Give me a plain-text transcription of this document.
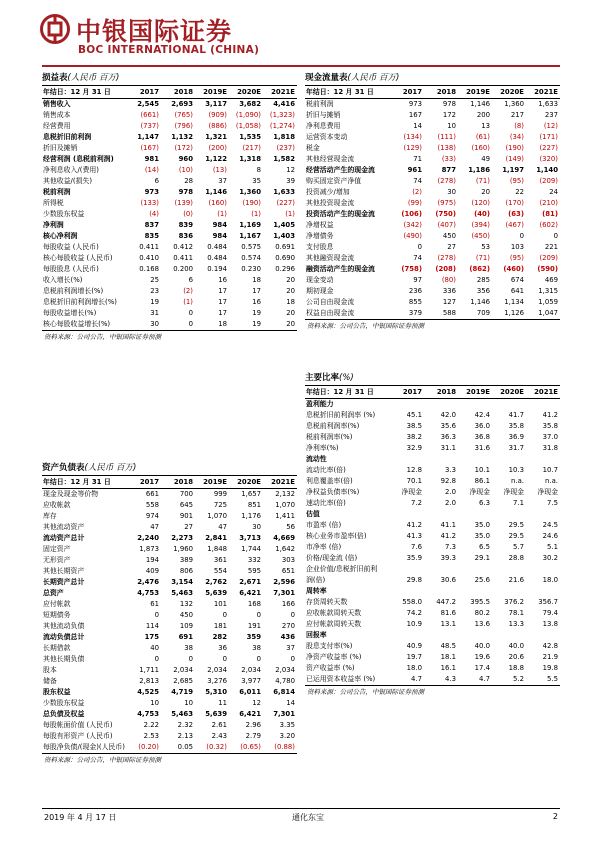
中银国际证券
BOC INTERNATIONAL (CHINA)
损益表(人民币 百万)
年结日：12 月 31 日	2017	2018	2019E	2020E	2021E
销售收入	2,545	2,693	3,117	3,682	4,416
销售成本	(661)	(765)	(909)	(1,090)	(1,323)
经营费用	(737)	(796)	(886)	(1,058)	(1,274)
息税折旧前利润	1,147	1,132	1,321	1,535	1,818
折旧及摊销	(167)	(172)	(200)	(217)	(237)
经营利润 (息税前利润)	981	960	1,122	1,318	1,582
净利息收入/(费用)	(14)	(10)	(13)	8	12
其他收益/(损失)	6	28	37	35	39
税前利润	973	978	1,146	1,360	1,633
所得税	(133)	(139)	(160)	(190)	(227)
少数股东权益	(4)	(0)	(1)	(1)	(1)
净利润	837	839	984	1,169	1,405
核心净利润	835	836	984	1,167	1,403
每股收益 (人民币)	0.411	0.412	0.484	0.575	0.691
核心每股收益 (人民币)	0.410	0.411	0.484	0.574	0.690
每股股息 (人民币)	0.168	0.200	0.194	0.230	0.296
收入增长(%)	25	6	16	18	20
息税前利润增长(%)	23	(2)	17	17	20
息税折旧前利润增长(%)	19	(1)	17	16	18
每股收益增长(%)	31	0	17	19	20
核心每股收益增长(%)	30	0	18	19	20
资料来源：公司公告，中银国际证券预测
资产负债表(人民币 百万)
年结日：12 月 31 日	2017	2018	2019E	2020E	2021E
现金及现金等价物	661	700	999	1,657	2,132
应收帐款	558	645	725	851	1,070
库存	974	901	1,070	1,176	1,411
其他流动资产	47	27	47	30	56
流动资产总计	2,240	2,273	2,841	3,713	4,669
固定资产	1,873	1,960	1,848	1,744	1,642
无形资产	194	389	361	332	303
其他长期资产	409	806	554	595	651
长期资产总计	2,476	3,154	2,762	2,671	2,596
总资产	4,753	5,463	5,639	6,421	7,301
应付帐款	61	132	101	168	166
短期债务	0	450	0	0	0
其他流动负债	114	109	181	191	270
流动负债总计	175	691	282	359	436
长期借款	40	38	36	38	37
其他长期负债	0	0	0	0	0
股本	1,711	2,034	2,034	2,034	2,034
储备	2,813	2,685	3,276	3,977	4,780
股东权益	4,525	4,719	5,310	6,011	6,814
少数股东权益	10	10	11	12	14
总负债及权益	4,753	5,463	5,639	6,421	7,301
每股帐面价值 (人民币)	2.22	2.32	2.61	2.96	3.35
每股有形资产 (人民币)	2.53	2.13	2.43	2.79	3.20
每股净负债/(现金)(人民币)	(0.20)	0.05	(0.32)	(0.65)	(0.88)
资料来源：公司公告，中银国际证券预测
现金流量表(人民币 百万)
年结日：12 月 31 日	2017	2018	2019E	2020E	2021E
税前利润	973	978	1,146	1,360	1,633
折旧与摊销	167	172	200	217	237
净利息费用	14	10	13	(8)	(12)
运营资本变动	(134)	(111)	(61)	(34)	(171)
税金	(129)	(138)	(160)	(190)	(227)
其他经营现金流	71	(33)	49	(149)	(320)
经营活动产生的现金流	961	877	1,186	1,197	1,140
购买固定资产净值	74	(278)	(71)	(95)	(209)
投资减少/增加	(2)	30	20	22	24
其他投资现金流	(99)	(975)	(120)	(170)	(210)
投资活动产生的现金流	(106)	(750)	(40)	(63)	(81)
净增权益	(342)	(407)	(394)	(467)	(602)
净增债务	(490)	450	(450)	0	0
支付股息	0	27	53	103	221
其他融资现金流	74	(278)	(71)	(95)	(209)
融资活动产生的现金流	(758)	(208)	(862)	(460)	(590)
现金变动	97	(80)	285	674	469
期初现金	236	336	356	641	1,315
公司自由现金流	855	127	1,146	1,134	1,059
权益自由现金流	379	588	709	1,126	1,047
资料来源：公司公告，中银国际证券预测
主要比率(%)
年结日：12 月 31 日	2017	2018	2019E	2020E	2021E
盈利能力					
息税折旧前利润率 (%)	45.1	42.0	42.4	41.7	41.2
息税前利润率(%)	38.5	35.6	36.0	35.8	35.8
税前利润率(%)	38.2	36.3	36.8	36.9	37.0
净利率(%)	32.9	31.1	31.6	31.7	31.8
流动性					
流动比率(倍)	12.8	3.3	10.1	10.3	10.7
利息覆盖率(倍)	70.1	92.8	86.1	n.a.	n.a.
净权益负债率(%)	净现金	2.0	净现金	净现金	净现金
速动比率(倍)	7.2	2.0	6.3	7.1	7.5
估值					
市盈率 (倍)	41.2	41.1	35.0	29.5	24.5
核心业务市盈率(倍)	41.3	41.2	35.0	29.5	24.6
市净率 (倍)	7.6	7.3	6.5	5.7	5.1
价格/现金流 (倍)	35.9	39.3	29.1	28.8	30.2
企业价值/息税折旧前利					
润(倍)	29.8	30.6	25.6	21.6	18.0
周转率					
存货周转天数	558.0	447.2	395.5	376.2	356.7
应收帐款周转天数	74.2	81.6	80.2	78.1	79.4
应付帐款周转天数	10.9	13.1	13.6	13.3	13.8
回报率					
股息支付率(%)	40.9	48.5	40.0	40.0	42.8
净资产收益率 (%)	19.7	18.1	19.6	20.6	21.9
资产收益率 (%)	18.0	16.1	17.4	18.8	19.8
已运用资本收益率 (%)	4.7	4.3	4.7	5.2	5.5
资料来源：公司公告，中银国际证券预测
2019 年 4 月 17 日	通化东宝	2
